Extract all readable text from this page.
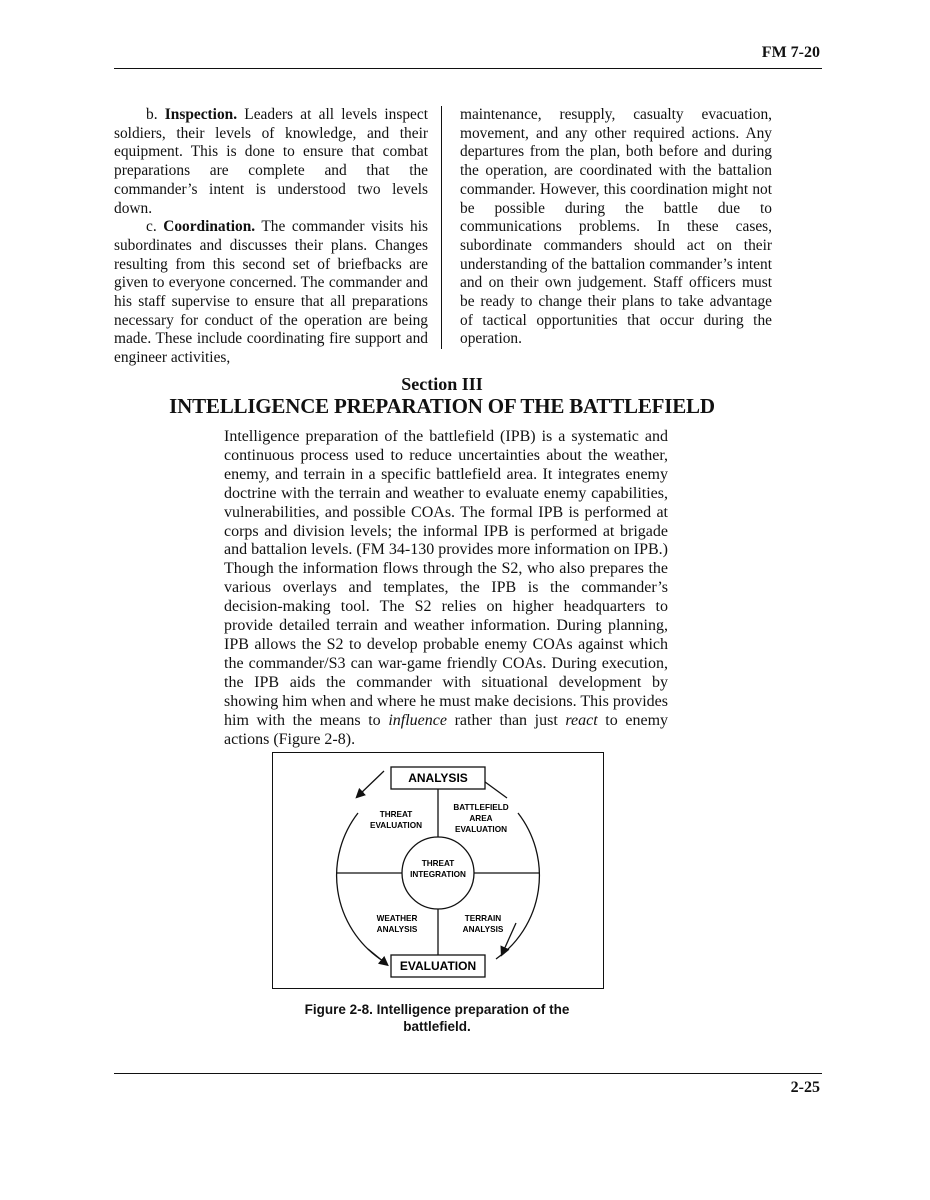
FM 7-20

b. Inspection. Leaders at all levels inspect soldiers, their levels of knowledge, and their equipment. This is done to ensure that combat preparations are complete and that the commander’s intent is understood two levels down.

c. Coordination. The commander visits his subordinates and discusses their plans. Changes resulting from this second set of briefbacks are given to everyone concerned. The commander and his staff supervise to ensure that all preparations necessary for conduct of the operation are being made. These include coordinating fire support and engineer activities,

maintenance, resupply, casualty evacuation, movement, and any other required actions. Any departures from the plan, both before and during the operation, are coordinated with the battalion commander. However, this coordination might not be possible during the battle due to communications problems. In these cases, subordinate commanders should act on their understanding of the battalion commander’s intent and on their own judgement. Staff officers must be ready to change their plans to take advantage of tactical opportunities that occur during the operation.

Section III
INTELLIGENCE PREPARATION OF THE BATTLEFIELD

Intelligence preparation of the battlefield (IPB) is a systematic and continuous process used to reduce uncertainties about the weather, enemy, and terrain in a specific battlefield area. It integrates enemy doctrine with the terrain and weather to evaluate enemy capabilities, vulnerabilities, and possible COAs. The formal IPB is performed at corps and division levels; the informal IPB is performed at brigade and battalion levels. (FM 34-130 provides more information on IPB.) Though the information flows through the S2, who also prepares the various overlays and templates, the IPB is the commander’s decision-making tool. The S2 relies on higher headquarters to provide detailed terrain and weather information. During planning, IPB allows the S2 to develop probable enemy COAs against which the commander/S3 can war-game friendly COAs. During execution, the IPB aids the commander with situational development by showing him when and where he must make decisions. This provides him with the means to influence rather than just react to enemy actions (Figure 2-8).

ANALYSIS
EVALUATION
THREAT
EVALUATION
BATTLEFIELD
AREA
EVALUATION
THREAT
INTEGRATION
WEATHER
ANALYSIS
TERRAIN
ANALYSIS
Figure 2-8. Intelligence preparation of the
battlefield.
2-25
